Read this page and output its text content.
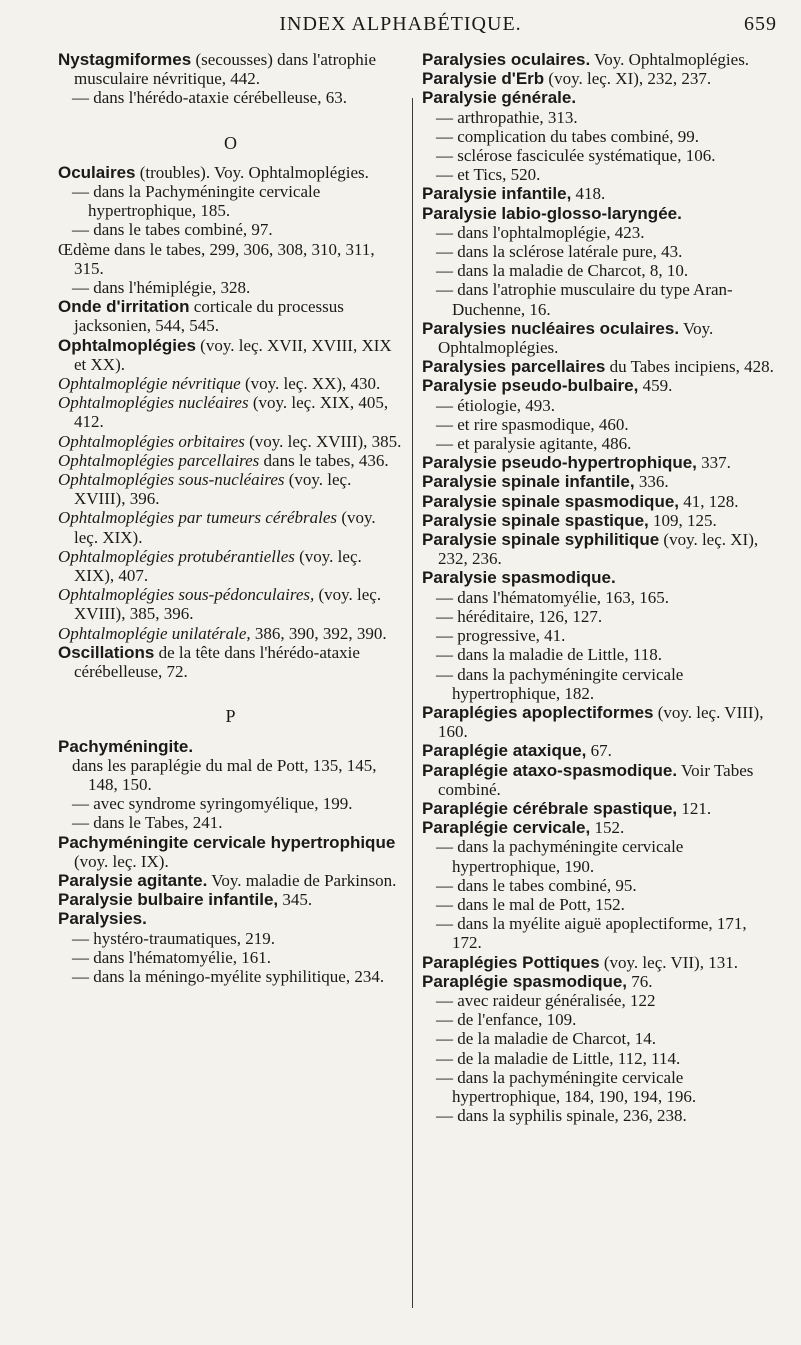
INDEX ALPHABÉTIQUE.	659
Nystagmiformes (secousses) dans l'atrophie musculaire névritique, 442.
— dans l'hérédo-ataxie cérébelleuse, 63.
O
Oculaires (troubles). Voy. Ophtalmoplégies.
— dans la Pachyméningite cervicale hypertrophique, 185.
— dans le tabes combiné, 97.
Œdème dans le tabes, 299, 306, 308, 310, 311, 315.
— dans l'hémiplégie, 328.
Onde d'irritation corticale du processus jacksonien, 544, 545.
Ophtalmoplégies (voy. leç. XVII, XVIII, XIX et XX).
Ophtalmoplégie névritique (voy. leç. XX), 430.
Ophtalmoplégies nucléaires (voy. leç. XIX, 405, 412.
Ophtalmoplégies orbitaires (voy. leç. XVIII), 385.
Ophtalmoplégies parcellaires dans le tabes, 436.
Ophtalmoplégies sous-nucléaires (voy. leç. XVIII), 396.
Ophtalmoplégies par tumeurs cérébrales (voy. leç. XIX).
Ophtalmoplégies protubérantielles (voy. leç. XIX), 407.
Ophtalmoplégies sous-pédonculaires, (voy. leç. XVIII), 385, 396.
Ophtalmoplégie unilatérale, 386, 390, 392, 390.
Oscillations de la tête dans l'hérédo-ataxie cérébelleuse, 72.
P
Pachyméningite.
dans les paraplégie du mal de Pott, 135, 145, 148, 150.
— avec syndrome syringomyélique, 199.
— dans le Tabes, 241.
Pachyméningite cervicale hypertrophique (voy. leç. IX).
Paralysie agitante. Voy. maladie de Parkinson.
Paralysie bulbaire infantile, 345.
Paralysies.
— hystéro-traumatiques, 219.
— dans l'hématomyélie, 161.
— dans la méningo-myélite syphilitique, 234.
Paralysies oculaires. Voy. Ophtalmoplégies.
Paralysie d'Erb (voy. leç. XI), 232, 237.
Paralysie générale.
— arthropathie, 313.
— complication du tabes combiné, 99.
— sclérose fasciculée systématique, 106.
— et Tics, 520.
Paralysie infantile, 418.
Paralysie labio-glosso-laryngée.
— dans l'ophtalmoplégie, 423.
— dans la sclérose latérale pure, 43.
— dans la maladie de Charcot, 8, 10.
— dans l'atrophie musculaire du type Aran-Duchenne, 16.
Paralysies nucléaires oculaires. Voy. Ophtalmoplégies.
Paralysies parcellaires du Tabes incipiens, 428.
Paralysie pseudo-bulbaire, 459.
— étiologie, 493.
— et rire spasmodique, 460.
— et paralysie agitante, 486.
Paralysie pseudo-hypertrophique, 337.
Paralysie spinale infantile, 336.
Paralysie spinale spasmodique, 41, 128.
Paralysie spinale spastique, 109, 125.
Paralysie spinale syphilitique (voy. leç. XI), 232, 236.
Paralysie spasmodique.
— dans l'hématomyélie, 163, 165.
— héréditaire, 126, 127.
— progressive, 41.
— dans la maladie de Little, 118.
— dans la pachyméningite cervicale hypertrophique, 182.
Paraplégies apoplectiformes (voy. leç. VIII), 160.
Paraplégie ataxique, 67.
Paraplégie ataxo-spasmodique. Voir Tabes combiné.
Paraplégie cérébrale spastique, 121.
Paraplégie cervicale, 152.
— dans la pachyméningite cervicale hypertrophique, 190.
— dans le tabes combiné, 95.
— dans le mal de Pott, 152.
— dans la myélite aiguë apoplectiforme, 171, 172.
Paraplégies Pottiques (voy. leç. VII), 131.
Paraplégie spasmodique, 76.
— avec raideur généralisée, 122
— de l'enfance, 109.
— de la maladie de Charcot, 14.
— de la maladie de Little, 112, 114.
— dans la pachyméningite cervicale hypertrophique, 184, 190, 194, 196.
— dans la syphilis spinale, 236, 238.
